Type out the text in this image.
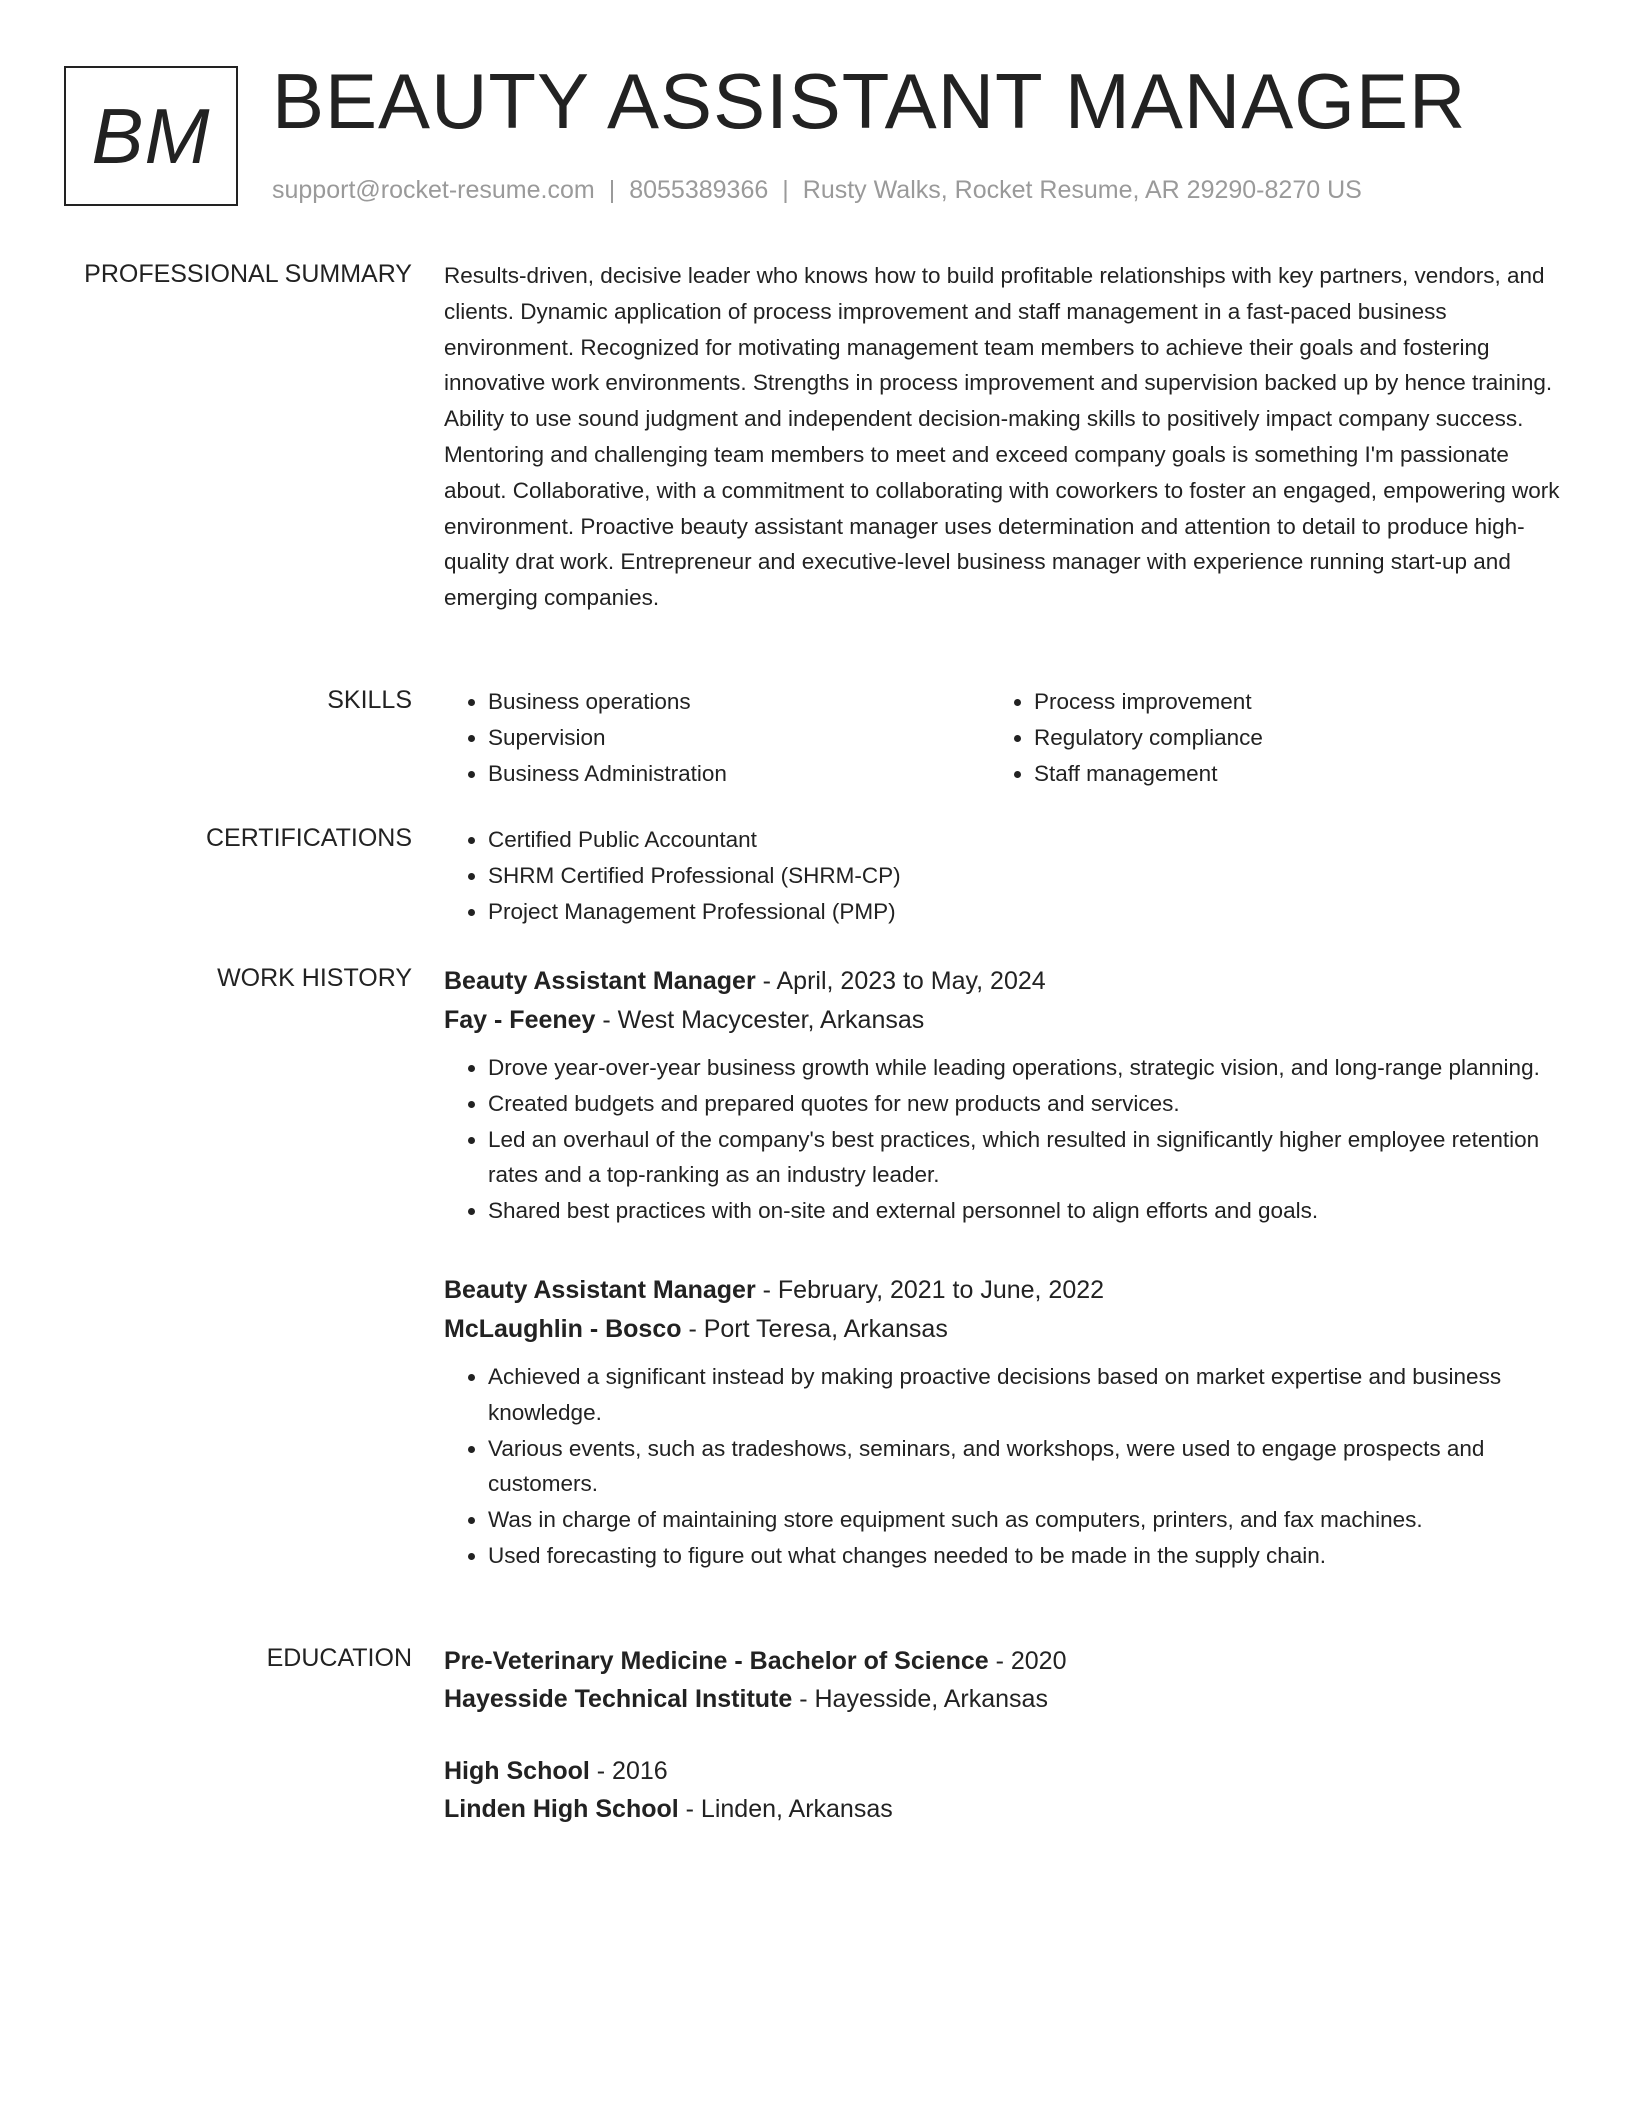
BM BEAUTY ASSISTANT MANAGER
support@rocket-resume.com | 8055389366 | Rusty Walks, Rocket Resume, AR 29290-8270 US
PROFESSIONAL SUMMARY Results-driven, decisive leader who knows how to build profitable relationships with key partners, vendors, and clients. Dynamic application of process improvement and staff management in a fast-paced business environment. Recognized for motivating management team members to achieve their goals and fostering innovative work environments. Strengths in process improvement and supervision backed up by hence training. Ability to use sound judgment and independent decision-making skills to positively impact company success. Mentoring and challenging team members to meet and exceed company goals is something I'm passionate about. Collaborative, with a commitment to collaborating with coworkers to foster an engaged, empowering work environment. Proactive beauty assistant manager uses determination and attention to detail to produce high-quality drat work. Entrepreneur and executive-level business manager with experience running start-up and emerging companies.

SKILLS	• Business operations
• Supervision
• Business Administration
• Process improvement
• Regulatory compliance
• Staff management
CERTIFICATIONS	• Certified Public Accountant
• SHRM Certified Professional (SHRM-CP)
• Project Management Professional (PMP)
WORK HISTORY Beauty Assistant Manager - April, 2023 to May, 2024
Fay - Feeney - West Macycester, Arkansas
• Drove year-over-year business growth while leading operations, strategic vision, and long-range planning.
• Created budgets and prepared quotes for new products and services.
• Led an overhaul of the company's best practices, which resulted in significantly higher employee retention rates and a top-ranking as an industry leader.
• Shared best practices with on-site and external personnel to align efforts and goals.
Beauty Assistant Manager - February, 2021 to June, 2022
McLaughlin - Bosco - Port Teresa, Arkansas
• Achieved a significant instead by making proactive decisions based on market expertise and business knowledge.
• Various events, such as tradeshows, seminars, and workshops, were used to engage prospects and customers.
• Was in charge of maintaining store equipment such as computers, printers, and fax machines.
• Used forecasting to figure out what changes needed to be made in the supply chain.
EDUCATION Pre-Veterinary Medicine - Bachelor of Science - 2020
Hayesside Technical Institute - Hayesside, Arkansas
High School - 2016
Linden High School - Linden, Arkansas
